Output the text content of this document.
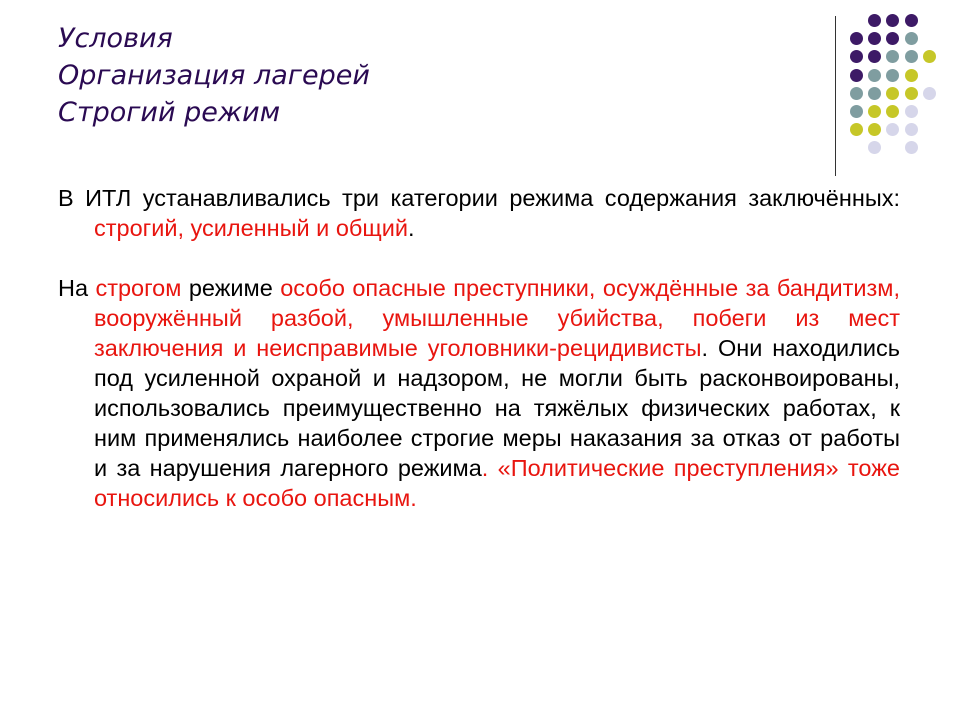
Условия
Организация лагерей
Строгий режим

В ИТЛ устанавливались три категории режима содержания заключённых: строгий, усиленный и общий.

На строгом режиме особо опасные преступники, осуждённые за бандитизм, вооружённый разбой, умышленные убийства, побеги из мест заключения и неисправимые уголовники-рецидивисты. Они находились под усиленной охраной и надзором, не могли быть расконвоированы, использовались преимущественно на тяжёлых физических работах, к ним применялись наиболее строгие меры наказания за отказ от работы и за нарушения лагерного режима. «Политические преступления» тоже относились к особо опасным.
